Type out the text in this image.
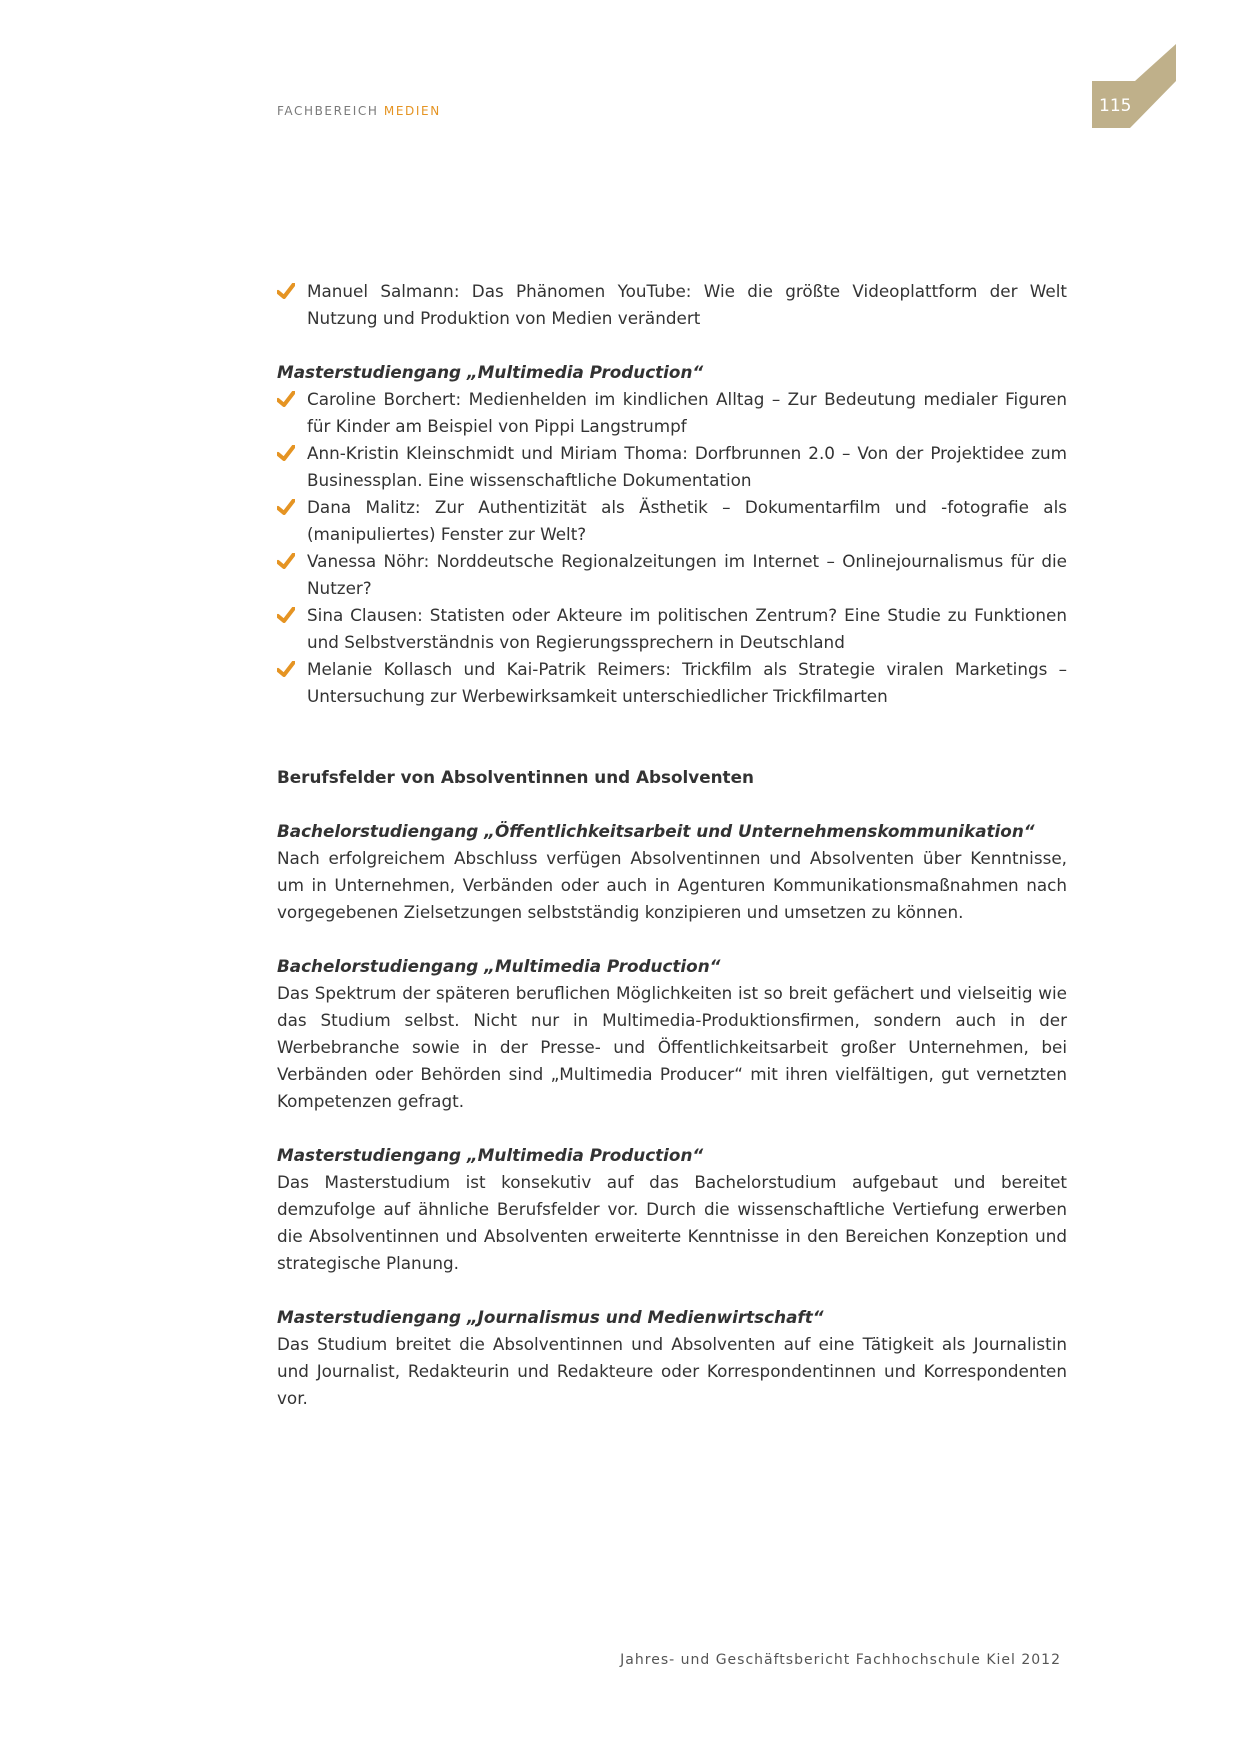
FACHBEREICH MEDIEN	115
Manuel Salmann: Das Phänomen YouTube: Wie die größte Videoplattform der Welt Nutzung und Produktion von Medien verändert

Masterstudiengang „Multimedia Production“

Caroline Borchert: Medienhelden im kindlichen Alltag – Zur Bedeutung medialer Figuren für Kinder am Beispiel von Pippi Langstrumpf
Ann-Kristin Kleinschmidt und Miriam Thoma: Dorfbrunnen 2.0 – Von der Projektidee zum Businessplan. Eine wissenschaftliche Dokumentation
Dana Malitz: Zur Authentizität als Ästhetik – Dokumentarfilm und -fotografie als (manipuliertes) Fenster zur Welt?
Vanessa Nöhr: Norddeutsche Regionalzeitungen im Internet – Onlinejournalismus für die Nutzer?
Sina Clausen: Statisten oder Akteure im politischen Zentrum? Eine Studie zu Funktionen und Selbstverständnis von Regierungssprechern in Deutschland
Melanie Kollasch und Kai-Patrik Reimers: Trickfilm als Strategie viralen Marketings – Untersuchung zur Werbewirksamkeit unterschiedlicher Trickfilmarten

Berufsfelder von Absolventinnen und Absolventen

Bachelorstudiengang „Öffentlichkeitsarbeit und Unternehmenskommunikation“

Nach erfolgreichem Abschluss verfügen Absolventinnen und Absolventen über Kenntnisse, um in Unternehmen, Verbänden oder auch in Agenturen Kommunikationsmaßnahmen nach vorgegebenen Zielsetzungen selbstständig konzipieren und umsetzen zu können.

Bachelorstudiengang „Multimedia Production“

Das Spektrum der späteren beruflichen Möglichkeiten ist so breit gefächert und vielseitig wie das Studium selbst. Nicht nur in Multimedia-Produktionsfirmen, sondern auch in der Werbebranche sowie in der Presse- und Öffentlichkeitsarbeit großer Unternehmen, bei Verbänden oder Behörden sind „Multimedia Producer“ mit ihren vielfältigen, gut vernetzten Kompetenzen gefragt.

Masterstudiengang „Multimedia Production“

Das Masterstudium ist konsekutiv auf das Bachelorstudium aufgebaut und bereitet demzufolge auf ähnliche Berufsfelder vor. Durch die wissenschaftliche Vertiefung erwerben die Absolventinnen und Absolventen erweiterte Kenntnisse in den Bereichen Konzeption und strategische Planung.

Masterstudiengang „Journalismus und Medienwirtschaft“

Das Studium breitet die Absolventinnen und Absolventen auf eine Tätigkeit als Journalistin und Journalist, Redakteurin und Redakteure oder Korrespondentinnen und Korrespondenten vor.

Jahres- und Geschäftsbericht Fachhochschule Kiel 2012
